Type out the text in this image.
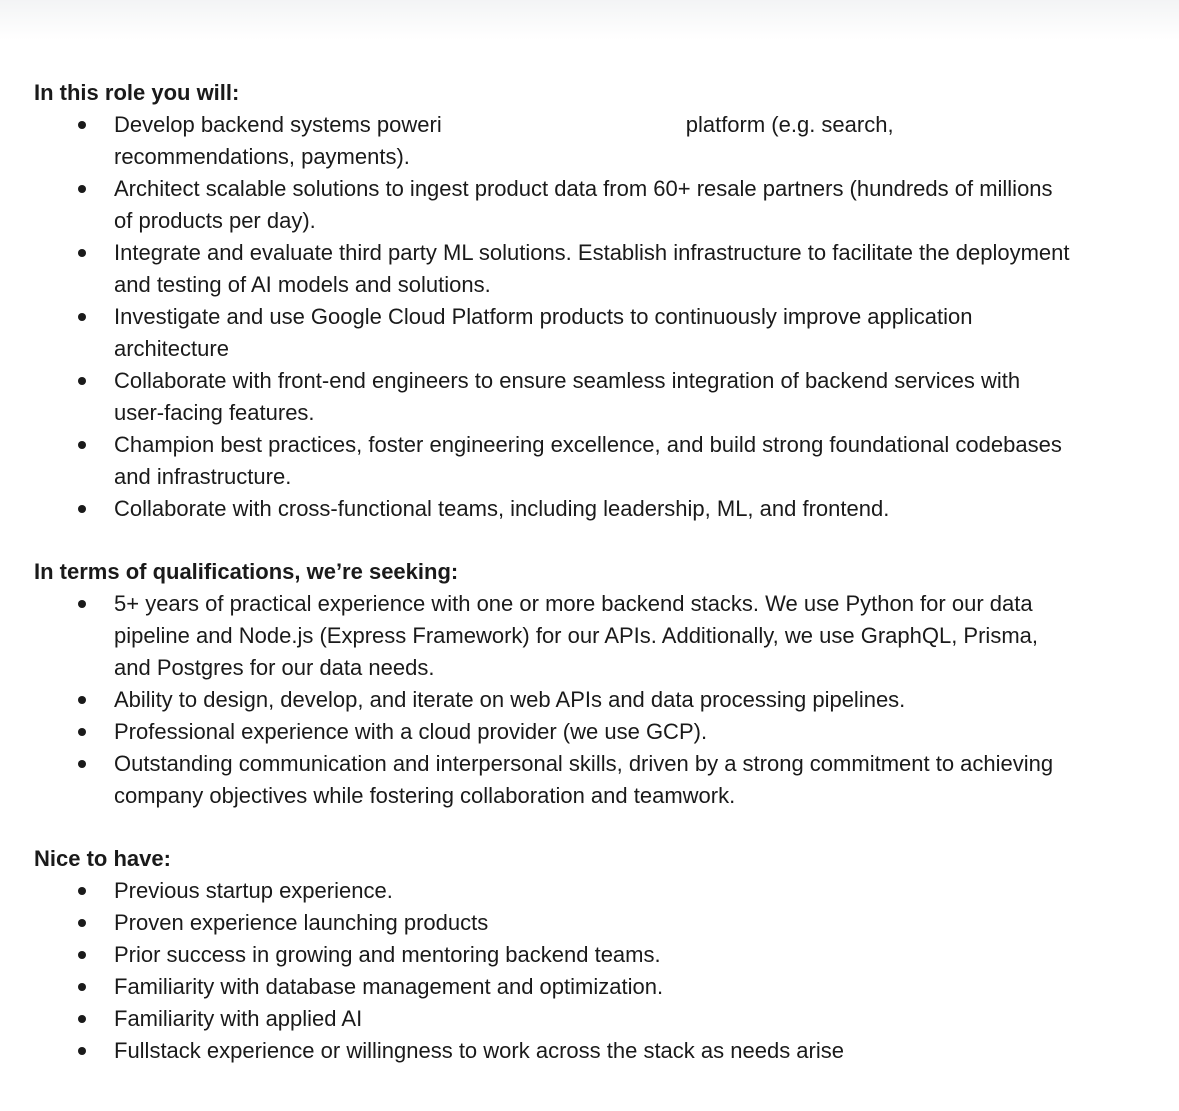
In this role you will:
Develop backend systems poweri	platform (e.g. search,
recommendations, payments).
Architect scalable solutions to ingest product data from 60+ resale partners (hundreds of millions of products per day).
Integrate and evaluate third party ML solutions. Establish infrastructure to facilitate the deployment and testing of AI models and solutions.
Investigate and use Google Cloud Platform products to continuously improve application architecture
Collaborate with front-end engineers to ensure seamless integration of backend services with user-facing features.
Champion best practices, foster engineering excellence, and build strong foundational codebases and infrastructure.
Collaborate with cross-functional teams, including leadership, ML, and frontend.
In terms of qualifications, we’re seeking:
5+ years of practical experience with one or more backend stacks. We use Python for our data pipeline and Node.js (Express Framework) for our APIs. Additionally, we use GraphQL, Prisma, and Postgres for our data needs.
Ability to design, develop, and iterate on web APIs and data processing pipelines.
Professional experience with a cloud provider (we use GCP).
Outstanding communication and interpersonal skills, driven by a strong commitment to achieving company objectives while fostering collaboration and teamwork.
Nice to have:
Previous startup experience.
Proven experience launching products
Prior success in growing and mentoring backend teams.
Familiarity with database management and optimization.
Familiarity with applied AI
Fullstack experience or willingness to work across the stack as needs arise
